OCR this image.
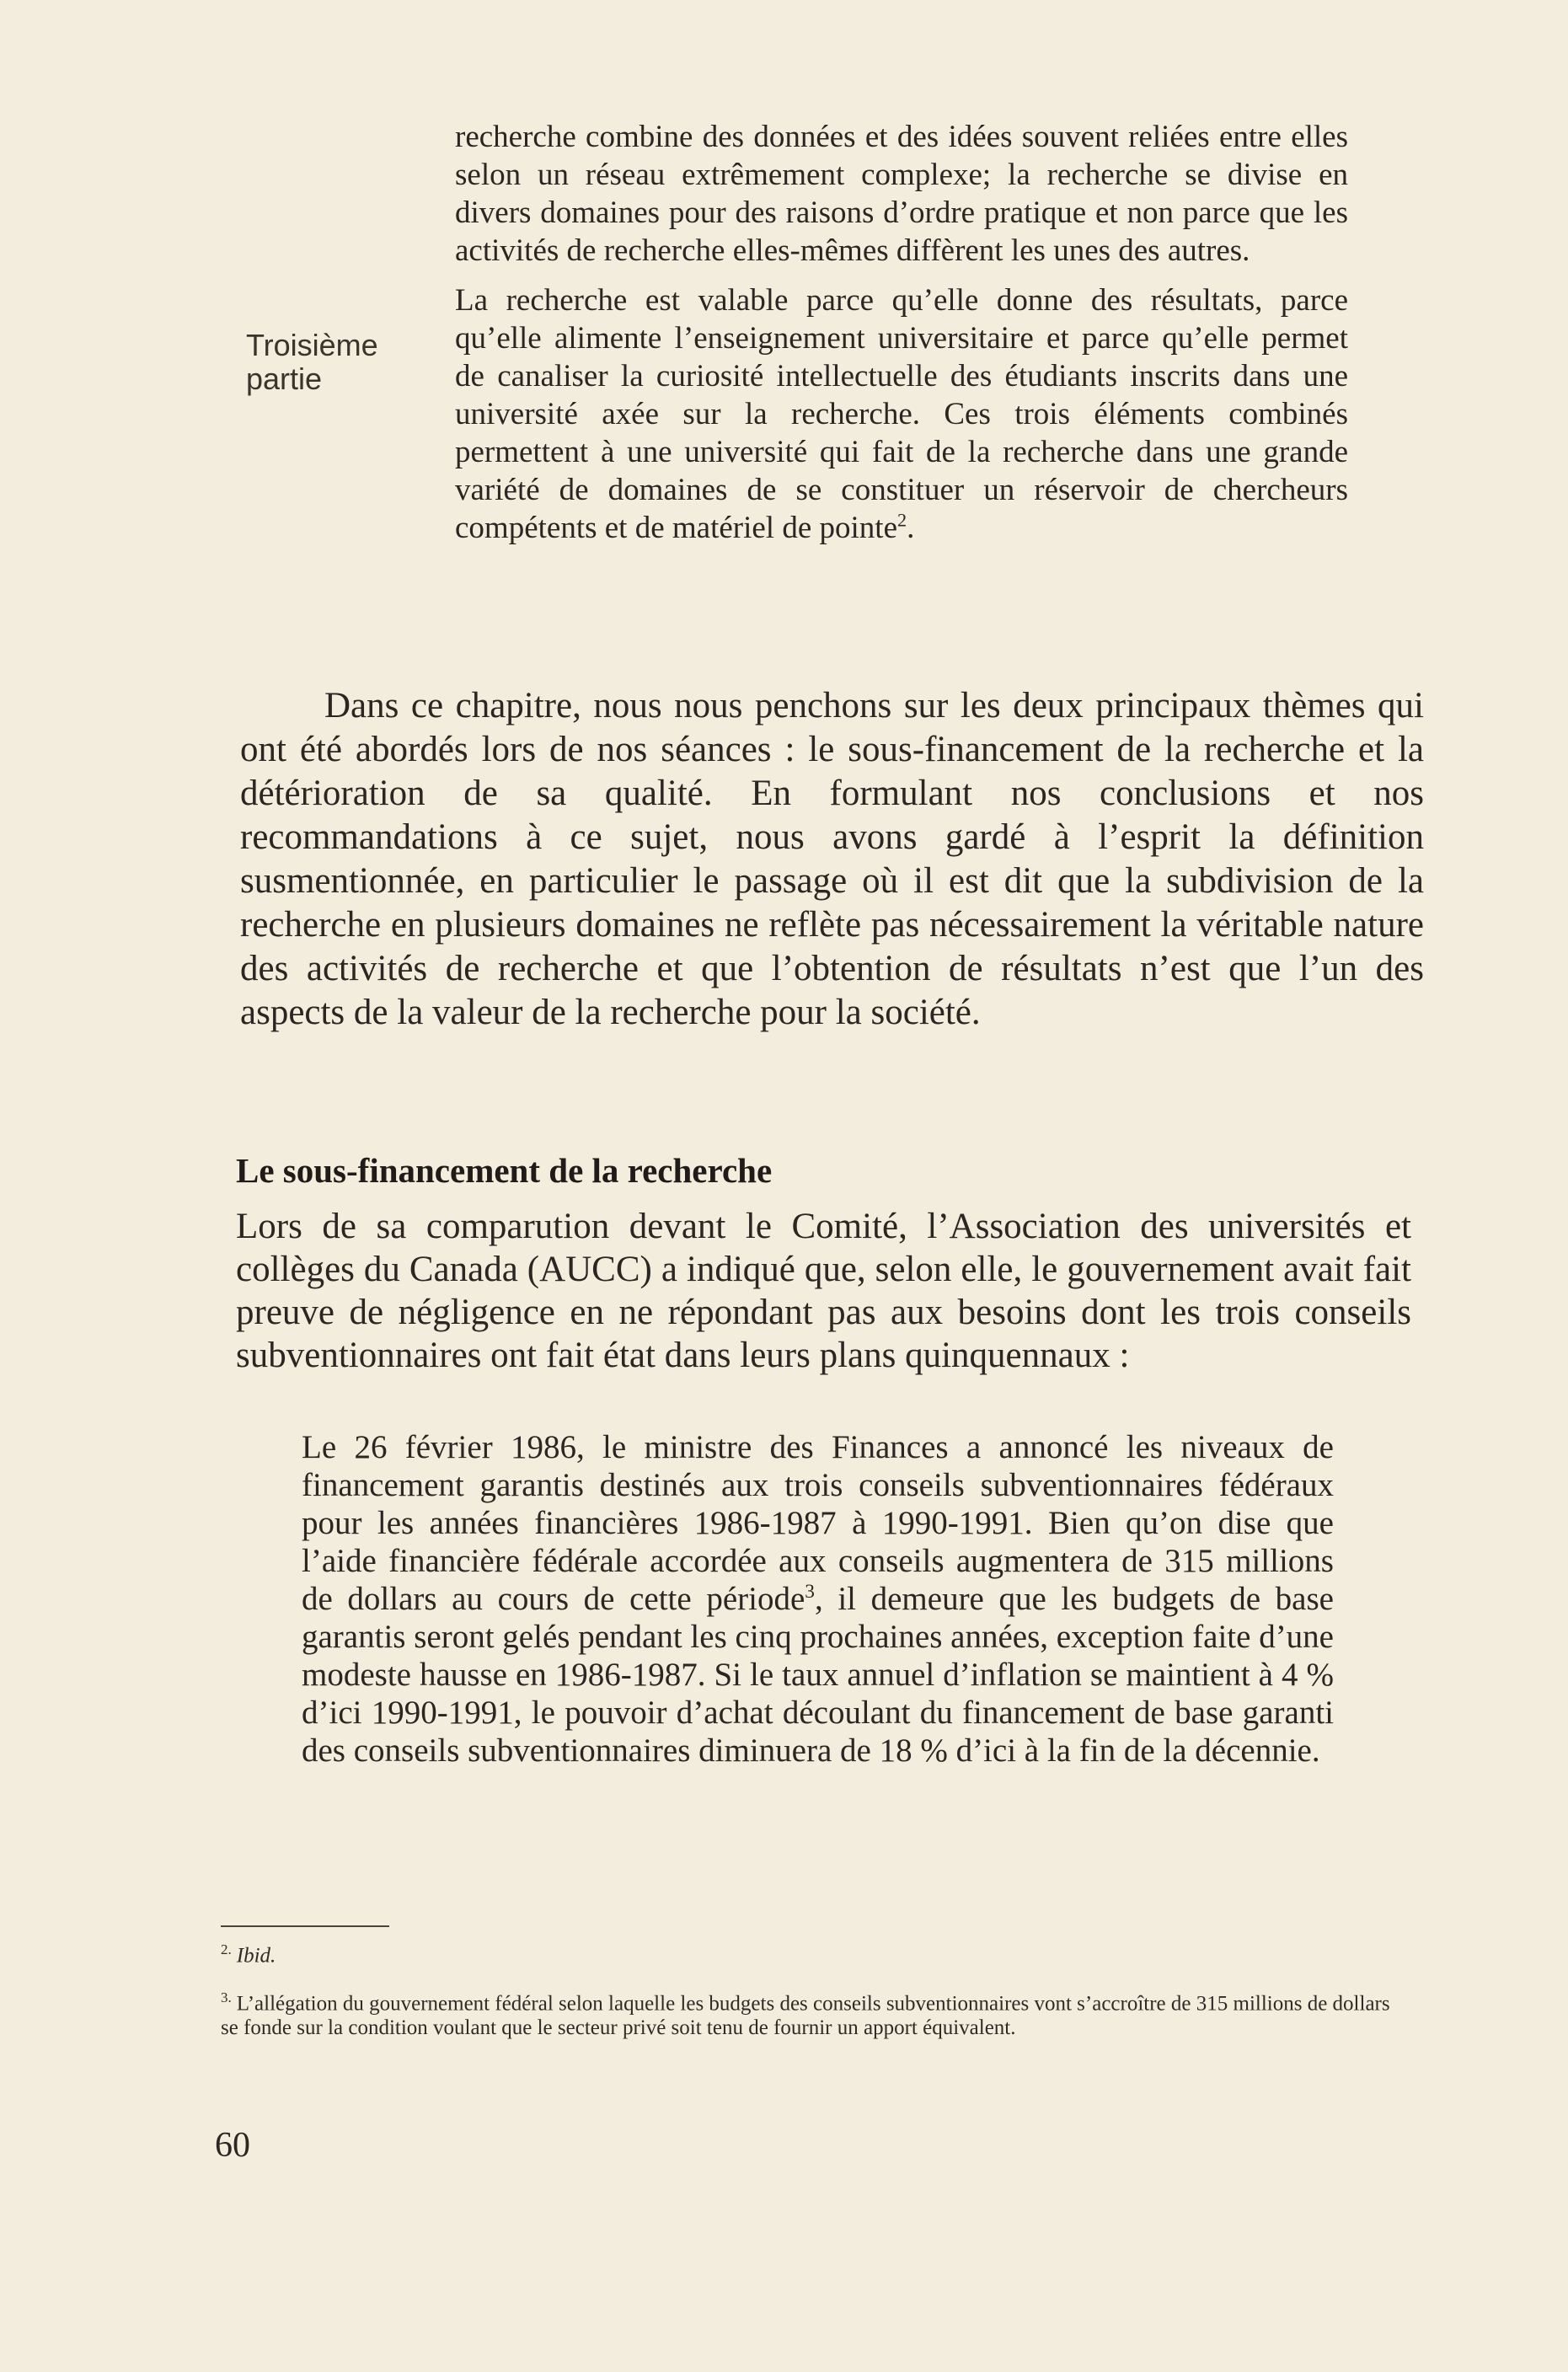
recherche combine des données et des idées souvent reliées entre elles selon un réseau extrêmement complexe; la recherche se divise en divers domaines pour des raisons d’ordre pratique et non parce que les activités de recherche elles-mêmes diffèrent les unes des autres.

La recherche est valable parce qu’elle donne des résultats, parce qu’elle alimente l’enseignement universitaire et parce qu’elle permet de canaliser la curiosité intellectuelle des étudiants inscrits dans une université axée sur la recherche. Ces trois éléments combinés permettent à une université qui fait de la recherche dans une grande variété de domaines de se constituer un réservoir de chercheurs compétents et de matériel de pointe$^2$.

Troisième
partie

Dans ce chapitre, nous nous penchons sur les deux principaux thèmes qui ont été abordés lors de nos séances : le sous-financement de la recherche et la détérioration de sa qualité. En formulant nos conclusions et nos recommandations à ce sujet, nous avons gardé à l’esprit la définition susmentionnée, en particulier le passage où il est dit que la subdivision de la recherche en plusieurs domaines ne reflète pas nécessairement la véritable nature des activités de recherche et que l’obtention de résultats n’est que l’un des aspects de la valeur de la recherche pour la société.

Le sous-financement de la recherche

Lors de sa comparution devant le Comité, l’Association des universités et collèges du Canada (AUCC) a indiqué que, selon elle, le gouvernement avait fait preuve de négligence en ne répondant pas aux besoins dont les trois conseils subventionnaires ont fait état dans leurs plans quinquennaux :

Le 26 février 1986, le ministre des Finances a annoncé les niveaux de financement garantis destinés aux trois conseils subventionnaires fédéraux pour les années financières 1986-1987 à 1990-1991. Bien qu’on dise que l’aide financière fédérale accordée aux conseils augmentera de 315 millions de dollars au cours de cette période$^3$, il demeure que les budgets de base garantis seront gelés pendant les cinq prochaines années, exception faite d’une modeste hausse en 1986-1987. Si le taux annuel d’inflation se maintient à 4 % d’ici 1990-1991, le pouvoir d’achat découlant du financement de base garanti des conseils subventionnaires diminuera de 18 % d’ici à la fin de la décennie.

$^{2.}$ Ibid.

$^{3.}$ L’allégation du gouvernement fédéral selon laquelle les budgets des conseils subventionnaires vont s’accroître de 315 millions de dollars se fonde sur la condition voulant que le secteur privé soit tenu de fournir un apport équivalent.

60
